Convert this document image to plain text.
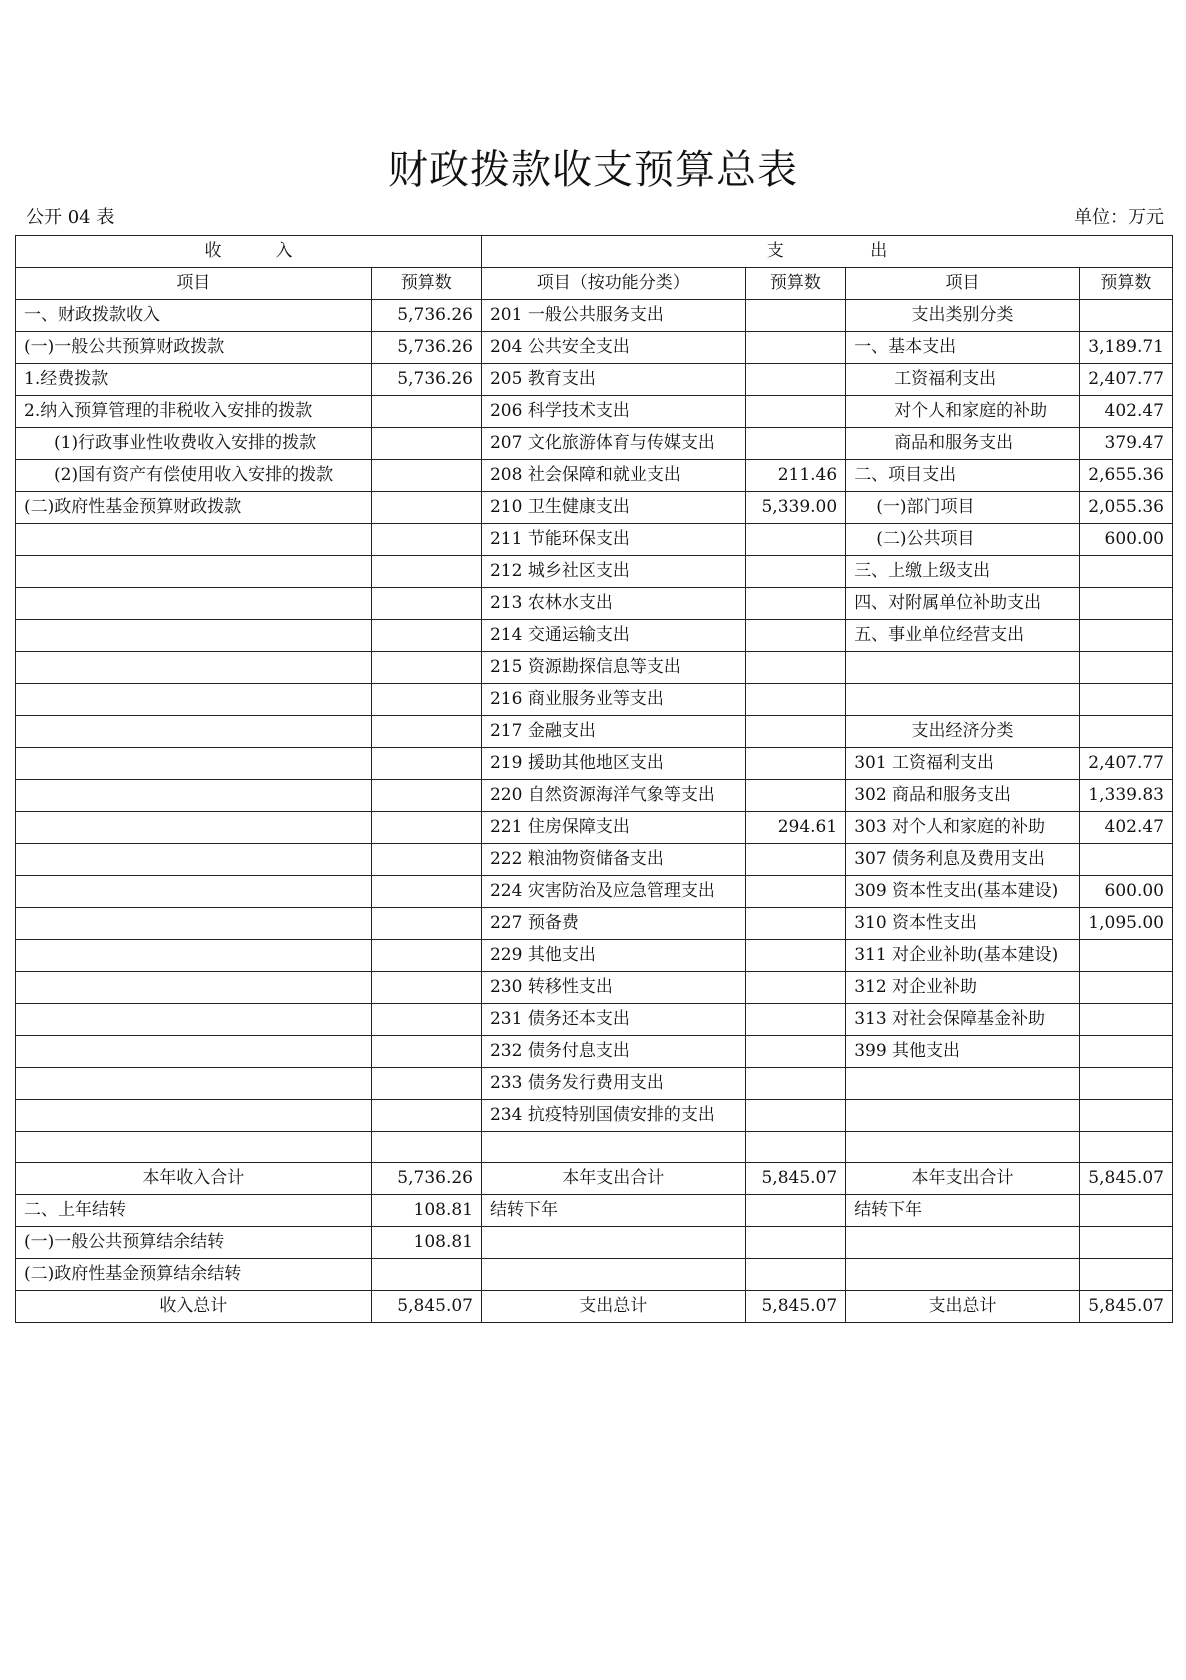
财政拨款收支预算总表
公开 04 表	单位：万元
收          入		支                出			
项目	预算数	项目（按功能分类）	预算数	项目	预算数
一、财政拨款收入	5,736.26	201 一般公共服务支出		支出类别分类	
(一)一般公共预算财政拨款	5,736.26	204 公共安全支出		一、基本支出	3,189.71
1.经费拨款	5,736.26	205 教育支出		工资福利支出	2,407.77
2.纳入预算管理的非税收入安排的拨款		206 科学技术支出		对个人和家庭的补助	402.47
(1)行政事业性收费收入安排的拨款		207 文化旅游体育与传媒支出		商品和服务支出	379.47
(2)国有资产有偿使用收入安排的拨款		208 社会保障和就业支出	211.46	二、项目支出	2,655.36
(二)政府性基金预算财政拨款		210 卫生健康支出	5,339.00	(一)部门项目	2,055.36
		211 节能环保支出		(二)公共项目	600.00
		212 城乡社区支出		三、上缴上级支出	
		213 农林水支出		四、对附属单位补助支出	
		214 交通运输支出		五、事业单位经营支出	
		215 资源勘探信息等支出			
		216 商业服务业等支出			
		217 金融支出		支出经济分类	
		219 援助其他地区支出		301 工资福利支出	2,407.77
		220 自然资源海洋气象等支出		302 商品和服务支出	1,339.83
		221 住房保障支出	294.61	303 对个人和家庭的补助	402.47
		222 粮油物资储备支出		307 债务利息及费用支出	
		224 灾害防治及应急管理支出		309 资本性支出(基本建设)	600.00
		227 预备费		310 资本性支出	1,095.00
		229 其他支出		311 对企业补助(基本建设)	
		230 转移性支出		312 对企业补助	
		231 债务还本支出		313 对社会保障基金补助	
		232 债务付息支出		399 其他支出	
		233 债务发行费用支出			
		234 抗疫特别国债安排的支出			

本年收入合计	5,736.26	本年支出合计	5,845.07	本年支出合计	5,845.07
二、上年结转	108.81	结转下年		结转下年	
(一)一般公共预算结余结转	108.81				
(二)政府性基金预算结余结转					
收入总计	5,845.07	支出总计	5,845.07	支出总计	5,845.07
